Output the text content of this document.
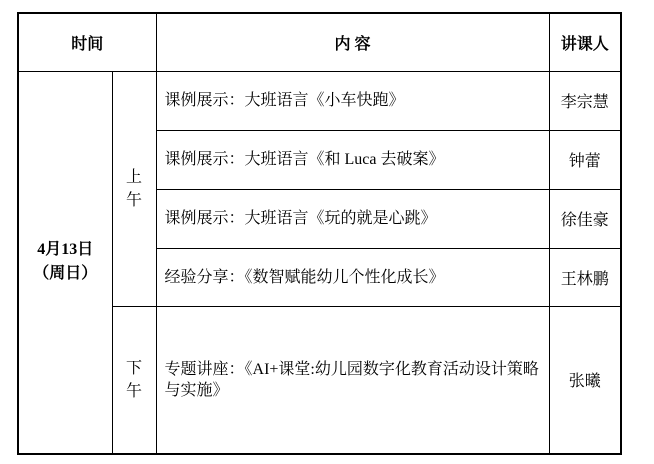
时间		内 容	讲课人

4月13日
（周日）	上午	课例展示：大班语言《小车快跑》	李宗慧
		课例展示：大班语言《和 Luca 去破案》	钟蕾
		课例展示：大班语言《玩的就是心跳》	徐佳豪
		经验分享：《数智赋能幼儿个性化成长》	王林鹏
	下午	专题讲座：《AI+课堂:幼儿园数字化教育活动设计策略与实施》	张曦
